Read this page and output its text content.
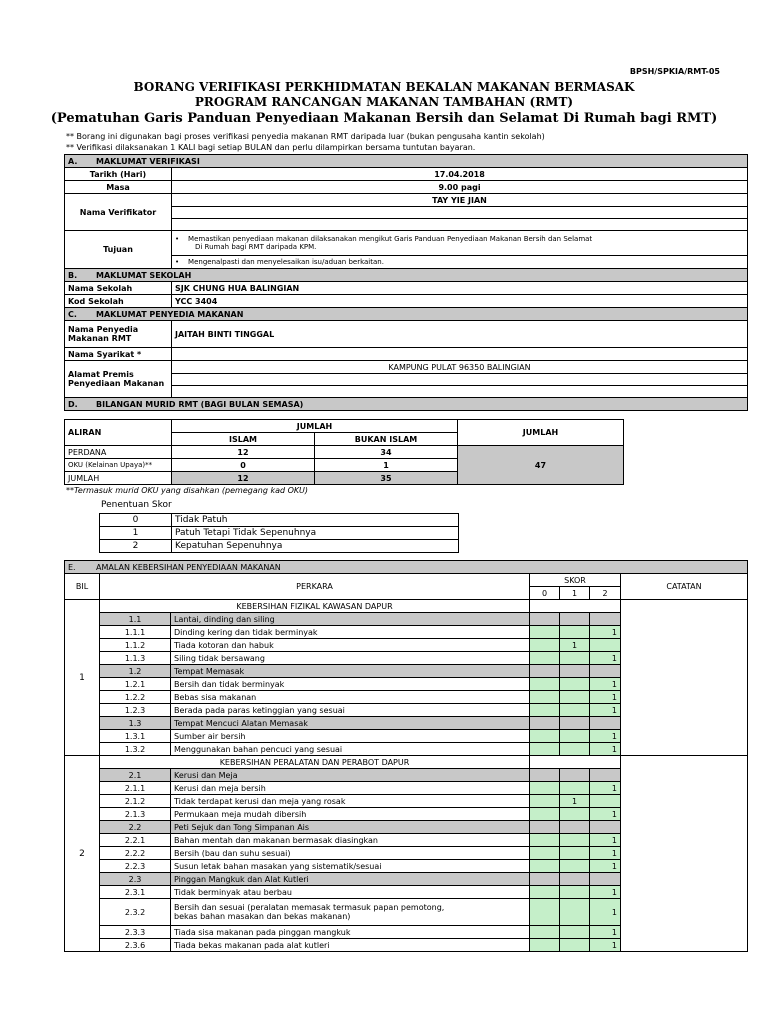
BPSH/SPKIA/RMT-05
BORANG VERIFIKASI PERKHIDMATAN BEKALAN MAKANAN BERMASAK
PROGRAM RANCANGAN MAKANAN TAMBAHAN (RMT)
(Pematuhan Garis Panduan Penyediaan Makanan Bersih dan Selamat Di Rumah bagi RMT)
** Borang ini digunakan bagi proses verifikasi penyedia makanan RMT daripada luar (bukan pengusaha kantin sekolah)
** Verifikasi dilaksanakan 1 KALI bagi setiap BULAN dan perlu dilampirkan bersama tuntutan bayaran.
A. MAKLUMAT VERIFIKASI	
Tarikh (Hari)	17.04.2018
Masa	9.00 pagi
Nama Verifikator	TAY YIE JIAN

Tujuan	•    Memastikan penyediaan makanan dilaksanakan mengikut Garis Panduan Penyediaan Makanan Bersih dan Selamat
Di Rumah bagi RMT daripada KPM.

	•    Mengenalpasti dan menyelesaikan isu/aduan berkaitan.

B. MAKLUMAT SEKOLAH	
Nama Sekolah	SJK CHUNG HUA BALINGIAN
Kod Sekolah	YCC 3404
C. MAKLUMAT PENYEDIA MAKANAN	

Nama Penyedia
Makanan RMT	JAITAH BINTI TINGGAL
Nama Syarikat *	

Alamat Premis
Penyediaan Makanan	KAMPUNG PULAT 96350 BALINGIAN

D. BILANGAN MURID RMT (BAGI BULAN SEMASA)	
ALIRAN	JUMLAH		JUMLAH
	ISLAM	BUKAN ISLAM	
PERDANA	12	34	47
OKU (Kelainan Upaya)**	0	1	
JUMLAH	12	35	
**Termasuk murid OKU yang disahkan (pemegang kad OKU)
Penentuan Skor
0	Tidak Patuh
1	Patuh Tetapi Tidak Sepenuhnya
2	Kepatuhan Sepenuhnya
E. AMALAN KEBERSIHAN PENYEDIAAN MAKANAN						
BIL	PERKARA		SKOR			CATATAN
			0	1	2	
1	KEBERSIHAN FIZIKAL KAWASAN DAPUR					
	1.1	Lantai, dinding dan siling				

	1.1.1	Dinding kering dan tidak berminyak			1	
	1.1.2	Tiada kotoran dan habuk		1		
	1.1.3	Siling tidak bersawang			1	
	1.2	Tempat Memasak				

	1.2.1	Bersih dan tidak berminyak			1	
	1.2.2	Bebas sisa makanan			1	
	1.2.3	Berada pada paras ketinggian yang sesuai			1	
	1.3	Tempat Mencuci Alatan Memasak				

	1.3.1	Sumber air bersih			1	
	1.3.2	Menggunakan bahan pencuci yang sesuai			1	
2	KEBERSIHAN PERALATAN DAN PERABOT DAPUR					
	2.1	Kerusi dan Meja				

	2.1.1	Kerusi dan meja bersih			1	
	2.1.2	Tidak terdapat kerusi dan meja yang rosak		1		
	2.1.3	Permukaan meja mudah dibersih			1	
	2.2	Peti Sejuk dan Tong Simpanan Ais				

	2.2.1	Bahan mentah dan makanan bermasak diasingkan			1	
	2.2.2	Bersih (bau dan suhu sesuai)			1	
	2.2.3	Susun letak bahan masakan yang sistematik/sesuai			1	
	2.3	Pinggan Mangkuk dan Alat Kutleri				

	2.3.1	Tidak berminyak atau berbau			1	
	2.3.2	Bersih dan sesuai (peralatan memasak termasuk papan pemotong,
bekas bahan masakan dan bekas makanan)			1	
	2.3.3	Tiada sisa makanan pada pinggan mangkuk			1	
	2.3.6	Tiada bekas makanan pada alat kutleri			1	
